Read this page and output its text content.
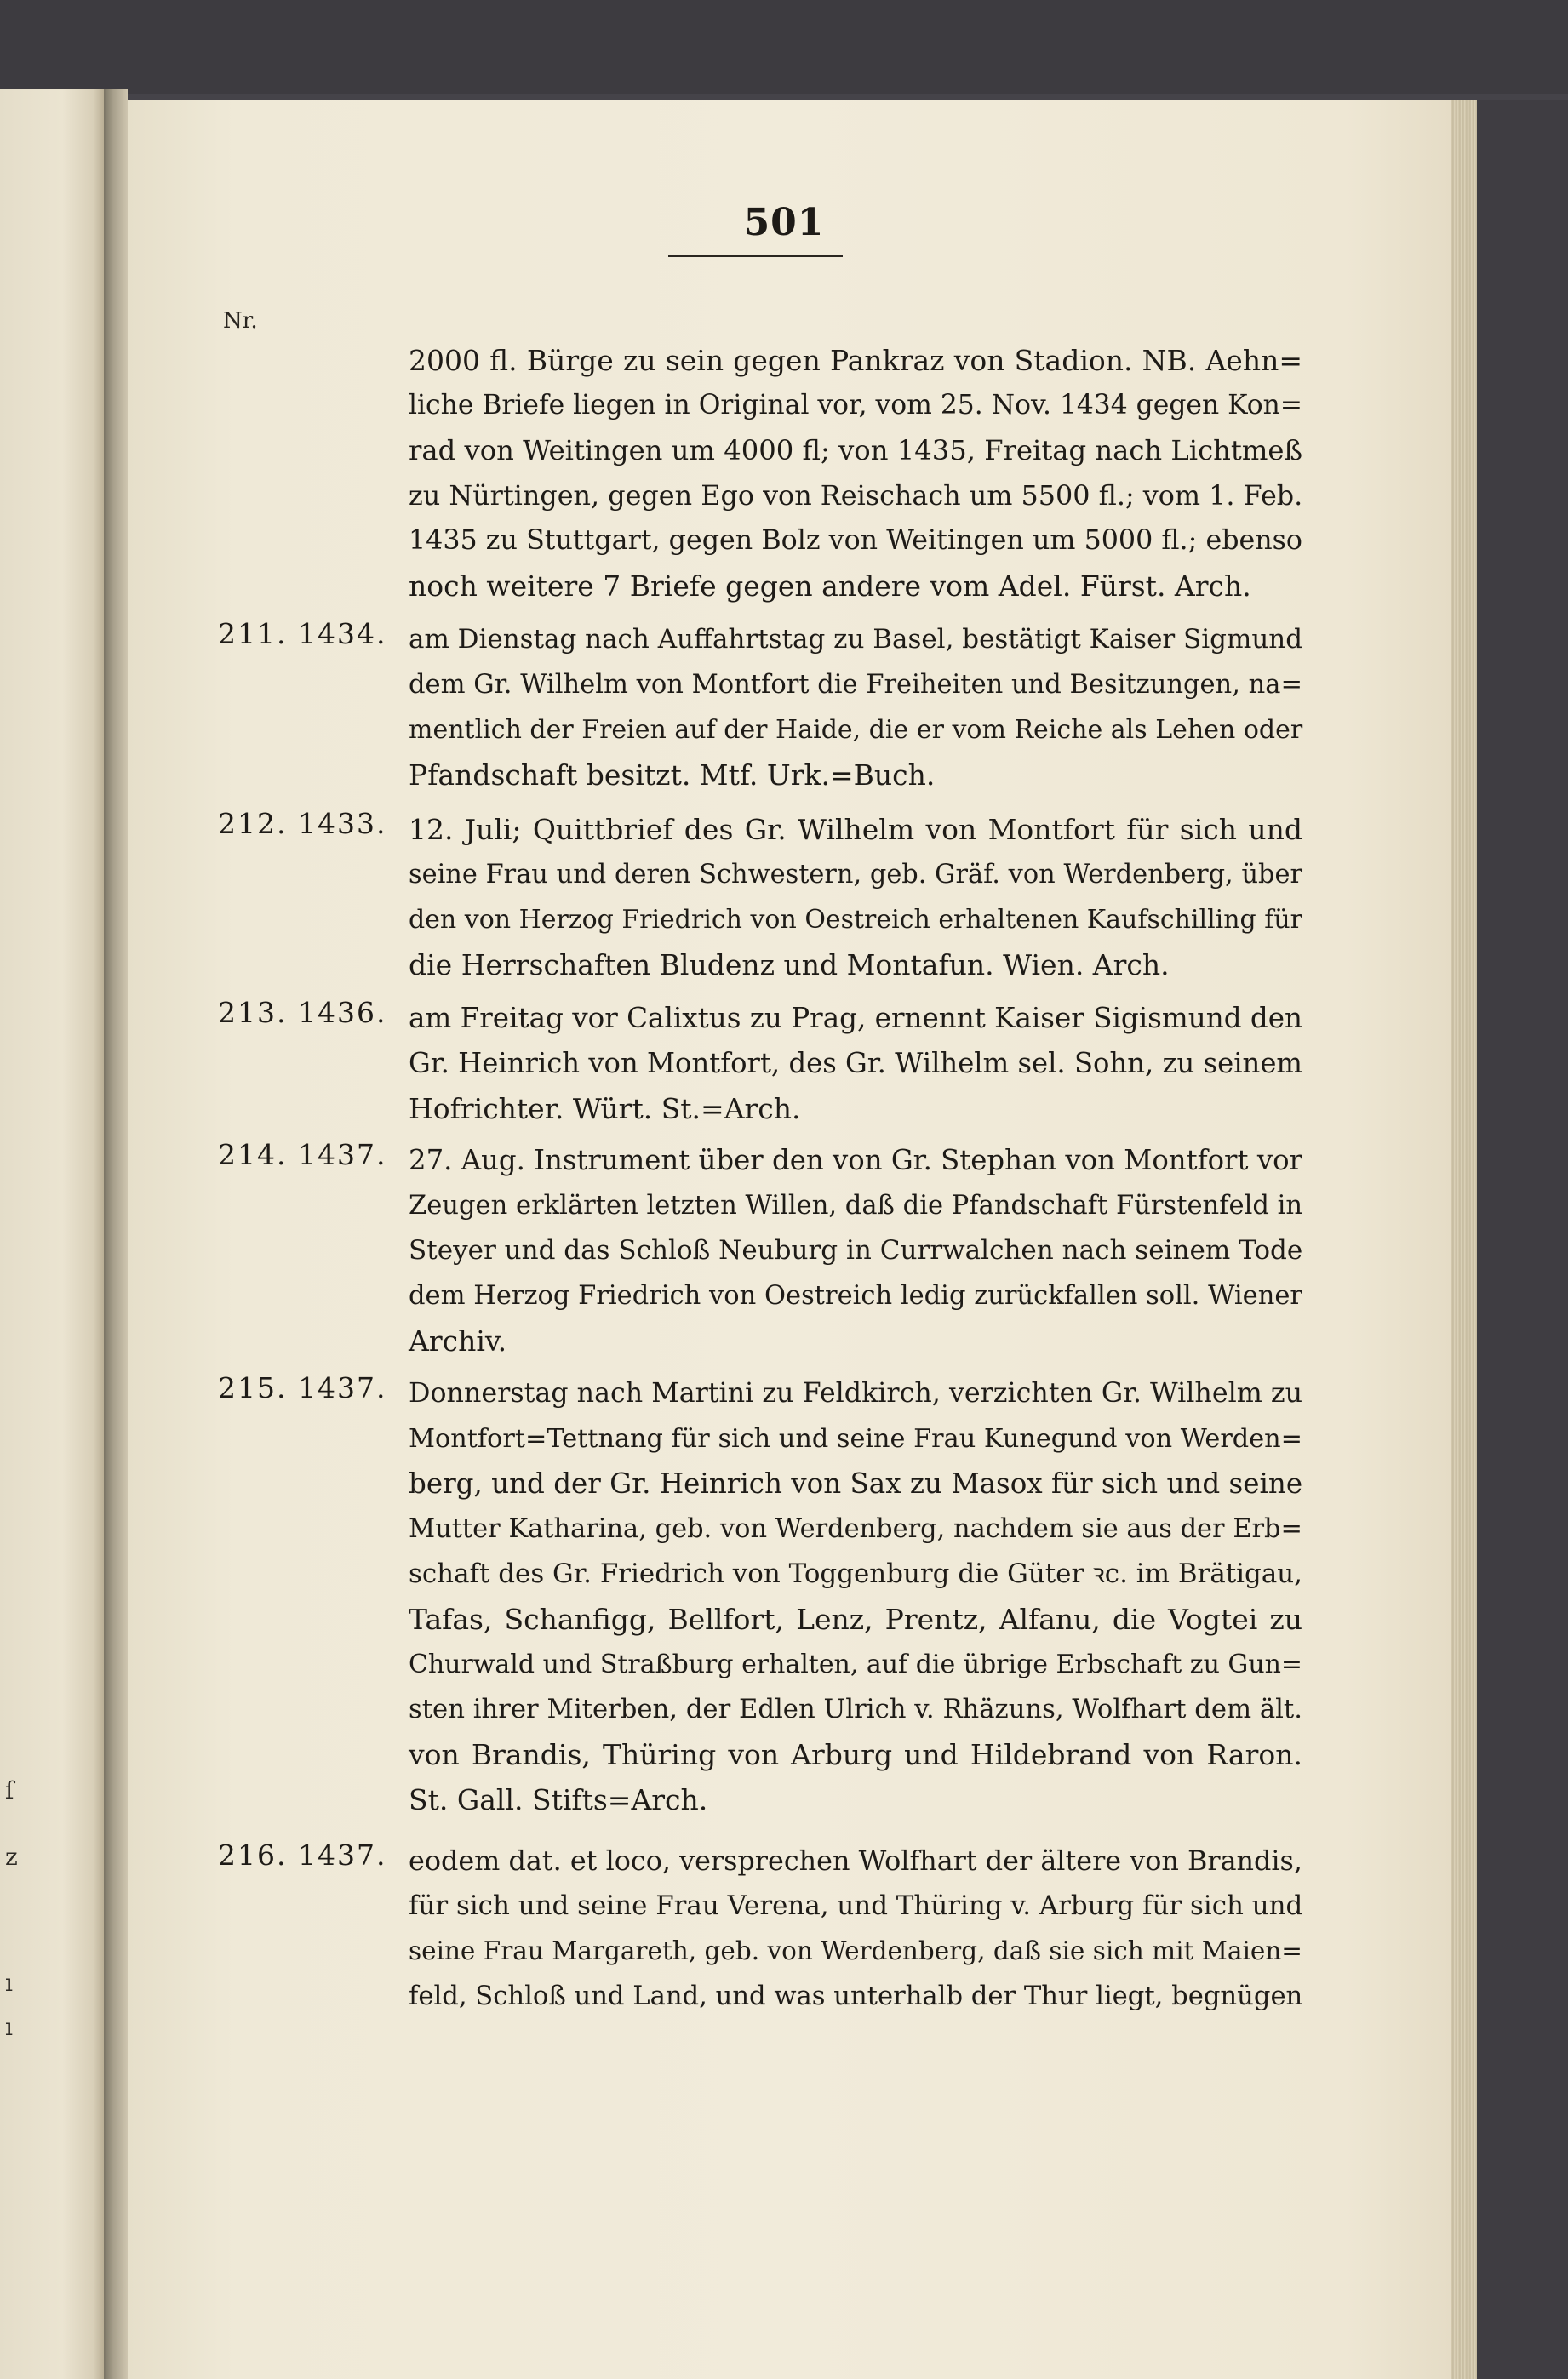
ſ
z
ı
ı
501
Nr.
2000 fl. Bürge zu sein gegen Pankraz von Stadion. NB. Aehn=
liche Briefe liegen in Original vor, vom 25. Nov. 1434 gegen Kon=
rad von Weitingen um 4000 fl; von 1435, Freitag nach Lichtmeß
zu Nürtingen, gegen Ego von Reischach um 5500 fl.; vom 1. Feb.
1435 zu Stuttgart, gegen Bolz von Weitingen um 5000 fl.; ebenso
noch weitere 7 Briefe gegen andere vom Adel. Fürst. Arch.
211. 1434. am Dienstag nach Auffahrtstag zu Basel, bestätigt Kaiser Sigmund
dem Gr. Wilhelm von Montfort die Freiheiten und Besitzungen, na=
mentlich der Freien auf der Haide, die er vom Reiche als Lehen oder
Pfandschaft besitzt. Mtf. Urk.=Buch.
212. 1433. 12. Juli; Quittbrief des Gr. Wilhelm von Montfort für sich und
seine Frau und deren Schwestern, geb. Gräf. von Werdenberg, über
den von Herzog Friedrich von Oestreich erhaltenen Kaufschilling für
die Herrschaften Bludenz und Montafun. Wien. Arch.
213. 1436. am Freitag vor Calixtus zu Prag, ernennt Kaiser Sigismund den
Gr. Heinrich von Montfort, des Gr. Wilhelm sel. Sohn, zu seinem
Hofrichter. Würt. St.=Arch.
214. 1437. 27. Aug. Instrument über den von Gr. Stephan von Montfort vor
Zeugen erklärten letzten Willen, daß die Pfandschaft Fürstenfeld in
Steyer und das Schloß Neuburg in Currwalchen nach seinem Tode
dem Herzog Friedrich von Oestreich ledig zurückfallen soll. Wiener
Archiv.
215. 1437. Donnerstag nach Martini zu Feldkirch, verzichten Gr. Wilhelm zu
Montfort=Tettnang für sich und seine Frau Kunegund von Werden=
berg, und der Gr. Heinrich von Sax zu Masox für sich und seine
Mutter Katharina, geb. von Werdenberg, nachdem sie aus der Erb=
schaft des Gr. Friedrich von Toggenburg die Güter ꝛc. im Brätigau,
Tafas, Schanfigg, Bellfort, Lenz, Prentz, Alfanu, die Vogtei zu
Churwald und Straßburg erhalten, auf die übrige Erbschaft zu Gun=
sten ihrer Miterben, der Edlen Ulrich v. Rhäzuns, Wolfhart dem ält.
von Brandis, Thüring von Arburg und Hildebrand von Raron.
St. Gall. Stifts=Arch.
216. 1437. eodem dat. et loco, versprechen Wolfhart der ältere von Brandis,
für sich und seine Frau Verena, und Thüring v. Arburg für sich und
seine Frau Margareth, geb. von Werdenberg, daß sie sich mit Maien=
feld, Schloß und Land, und was unterhalb der Thur liegt, begnügen
